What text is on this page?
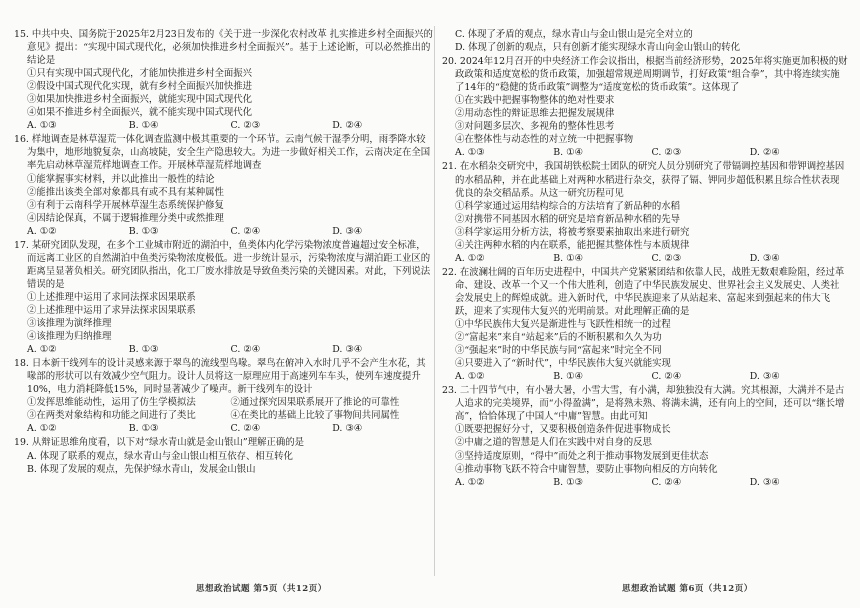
15. 中共中央、国务院于2025年2月23日发布的《关于进一步深化农村改革 扎实推进乡村全面振兴的意见》提出：“实现中国式现代化，必须加快推进乡村全面振兴”。基于上述论断，可以必然推出的结论是
①只有实现中国式现代化，才能加快推进乡村全面振兴
②假设中国式现代化实现，就有乡村全面振兴加快推进
③如果加快推进乡村全面振兴，就能实现中国式现代化
④如果不推进乡村全面振兴，就不能实现中国式现代化
A. ①③	B. ①④	C. ②③	D. ②④
16. 样地调查是林草湿荒一体化调查监测中极其重要的一个环节。云南气候干湿季分明，雨季降水较为集中，地形地貌复杂，山高坡陡，安全生产隐患较大。为进一步做好相关工作，云南决定在全国率先启动林草湿荒样地调查工作。开展林草湿荒样地调查
①能掌握事实材料，并以此推出一般性的结论
②能推出该类全部对象都具有或不具有某种属性
③有利于云南科学开展林草湿生态系统保护修复
④因结论保真，不属于逻辑推理分类中或然推理
A. ①②	B. ①③	C. ②④	D. ③④
17. 某研究团队发现，在多个工业城市附近的湖泊中，鱼类体内化学污染物浓度普遍超过安全标准，而远离工业区的自然湖泊中鱼类污染物浓度极低。进一步统计显示，污染物浓度与湖泊距工业区的距离呈显著负相关。研究团队指出，化工厂废水排放是导致鱼类污染的关键因素。对此，下列说法错误的是
①上述推理中运用了求同法探求因果联系
②上述推理中运用了求异法探求因果联系
③该推理为演绎推理
④该推理为归纳推理
A. ①②	B. ①③	C. ②④	D. ③④
18. 日本新干线列车的设计灵感来源于翠鸟的流线型鸟喙。翠鸟在俯冲入水时几乎不会产生水花，其喙部的形状可以有效减少空气阻力。设计人员将这一原理应用于高速列车车头，使列车速度提升10%，电力消耗降低15%，同时显著减少了噪声。新干线列车的设计
①发挥思维能动性，运用了仿生学模拟法	②通过探究因果联系展开了推论的可靠性
③在两类对象结构和功能之间进行了类比	④在类比的基础上比较了事物间共同属性
A. ①②	B. ①③	C. ②④	D. ③④
19. 从辩证思维角度看，以下对“绿水青山就是金山银山”理解正确的是
A. 体现了联系的观点，绿水青山与金山银山相互依存、相互转化
B. 体现了发展的观点，先保护绿水青山，发展金山银山
C. 体现了矛盾的观点，绿水青山与金山银山是完全对立的
D. 体现了创新的观点，只有创新才能实现绿水青山向金山银山的转化
20. 2024年12月召开的中央经济工作会议指出，根据当前经济形势，2025年将实施更加积极的财政政策和适度宽松的货币政策，加强超常规逆周期调节，打好政策“组合拳”，其中将连续实施了14年的“稳健的货币政策”调整为“适度宽松的货币政策”。这体现了
①在实践中把握事物整体的绝对性要求
②用动态性的辩证思维去把握发展规律
③对问题多层次、多视角的整体性思考
④在整体性与动态性的对立统一中把握事物
A. ①③	B. ①④	C. ②③	D. ②④
21. 在水稻杂交研究中，我国胡铁松院士团队的研究人员分别研究了带镉调控基因和带钾调控基因的水稻品种，并在此基础上对两种水稻进行杂交，获得了镉、钾同步超低积累且综合性状表现优良的杂交稻品系。从这一研究历程可见
①科学家通过运用结构综合的方法培育了新品种的水稻
②对携带不同基因水稻的研究是培育新品种水稻的先导
③科学家运用分析方法，将被考察要素抽取出来进行研究
④关注两种水稻的内在联系，能把握其整体性与本质规律
A. ①②	B. ①④	C. ②③	D. ③④
22. 在波澜壮阔的百年历史进程中，中国共产党紧紧团结和依靠人民，战胜无数艰难险阻，经过革命、建设、改革一个又一个伟大胜利，创造了中华民族发展史、世界社会主义发展史、人类社会发展史上的辉煌成就。进入新时代，中华民族迎来了从站起来、富起来到强起来的伟大飞跃，迎来了实现伟大复兴的光明前景。对此理解正确的是
①中华民族伟大复兴是渐进性与飞跃性相统一的过程
②“富起来”来自“站起来”后的不断积累和久久为功
③“强起来”时的中华民族与同“富起来”时完全不同
④只要进入了“新时代”，中华民族伟大复兴就能实现
A. ①②	B. ①④	C. ②④	D. ③④
23. 二十四节气中，有小暑大暑，小雪大雪，有小满，却独独没有大满。究其根源，大满并不是古人追求的完美境界，而“小得盈满”，是将熟未熟、将满未满，还有向上的空间，还可以“继长增高”，恰恰体现了中国人“中庸”智慧。由此可知
①既要把握好分寸，又要积极创造条件促进事物成长
②中庸之道的智慧是人们在实践中对自身的反思
③坚持适度原则，“得中”而处之利于推动事物发展到更佳状态
④推动事物飞跃不符合中庸智慧，要防止事物向相反的方向转化
A. ①②	B. ①③	C. ②④	D. ③④
思想政治试题 第5页（共12页）	思想政治试题 第6页（共12页）
